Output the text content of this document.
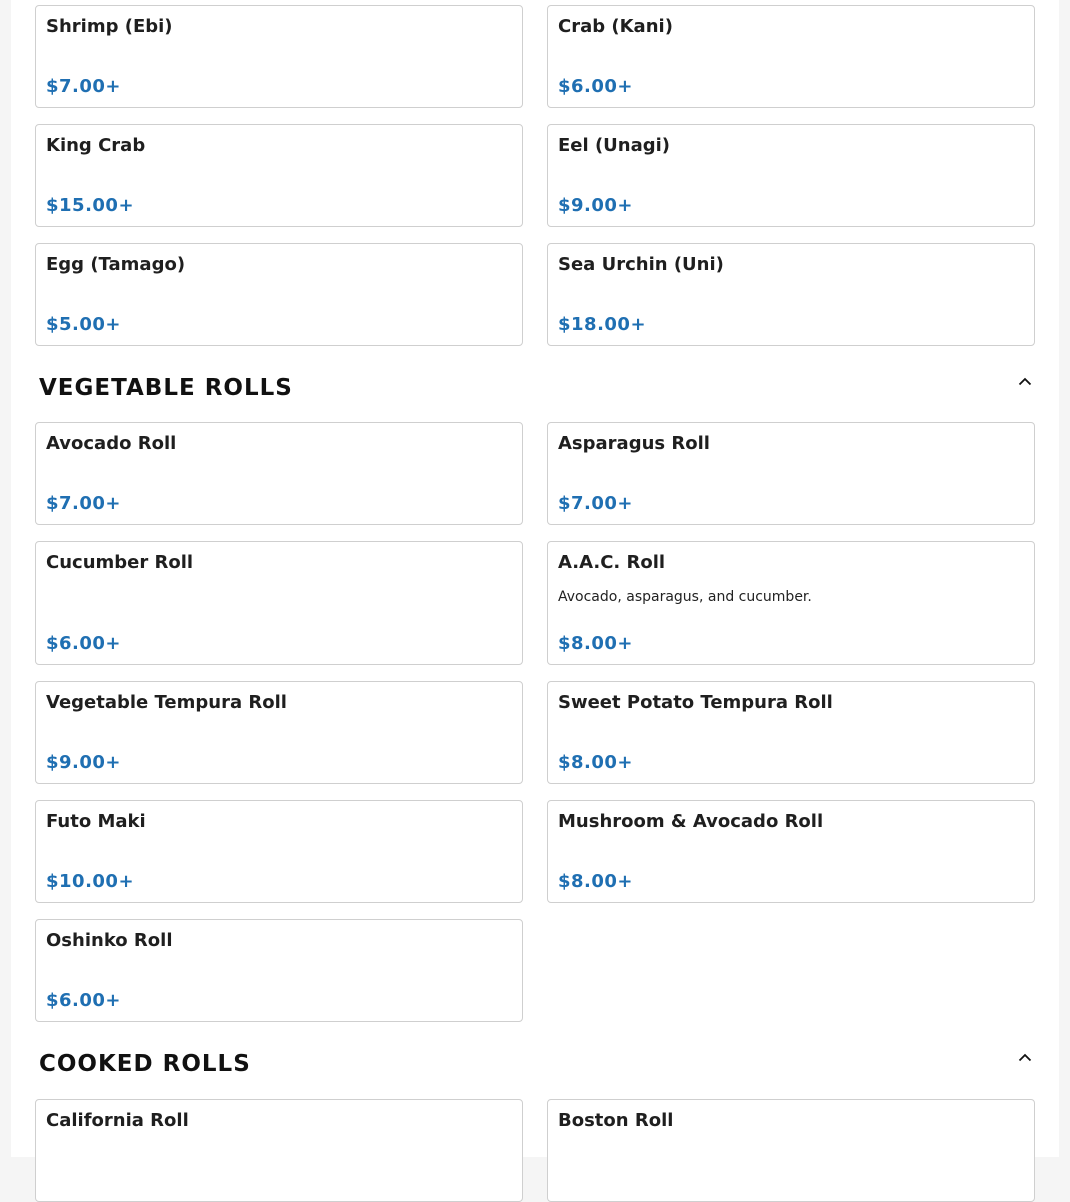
Shrimp (Ebi)
$7.00+
Crab (Kani)
$6.00+
King Crab
$15.00+
Eel (Unagi)
$9.00+
Egg (Tamago)
$5.00+
Sea Urchin (Uni)
$18.00+
VEGETABLE ROLLS
Avocado Roll
$7.00+
Asparagus Roll
$7.00+
Cucumber Roll
$6.00+
A.A.C. Roll
Avocado, asparagus, and cucumber.
$8.00+
Vegetable Tempura Roll
$9.00+
Sweet Potato Tempura Roll
$8.00+
Futo Maki
$10.00+
Mushroom & Avocado Roll
$8.00+
Oshinko Roll
$6.00+
COOKED ROLLS
California Roll	Boston Roll
